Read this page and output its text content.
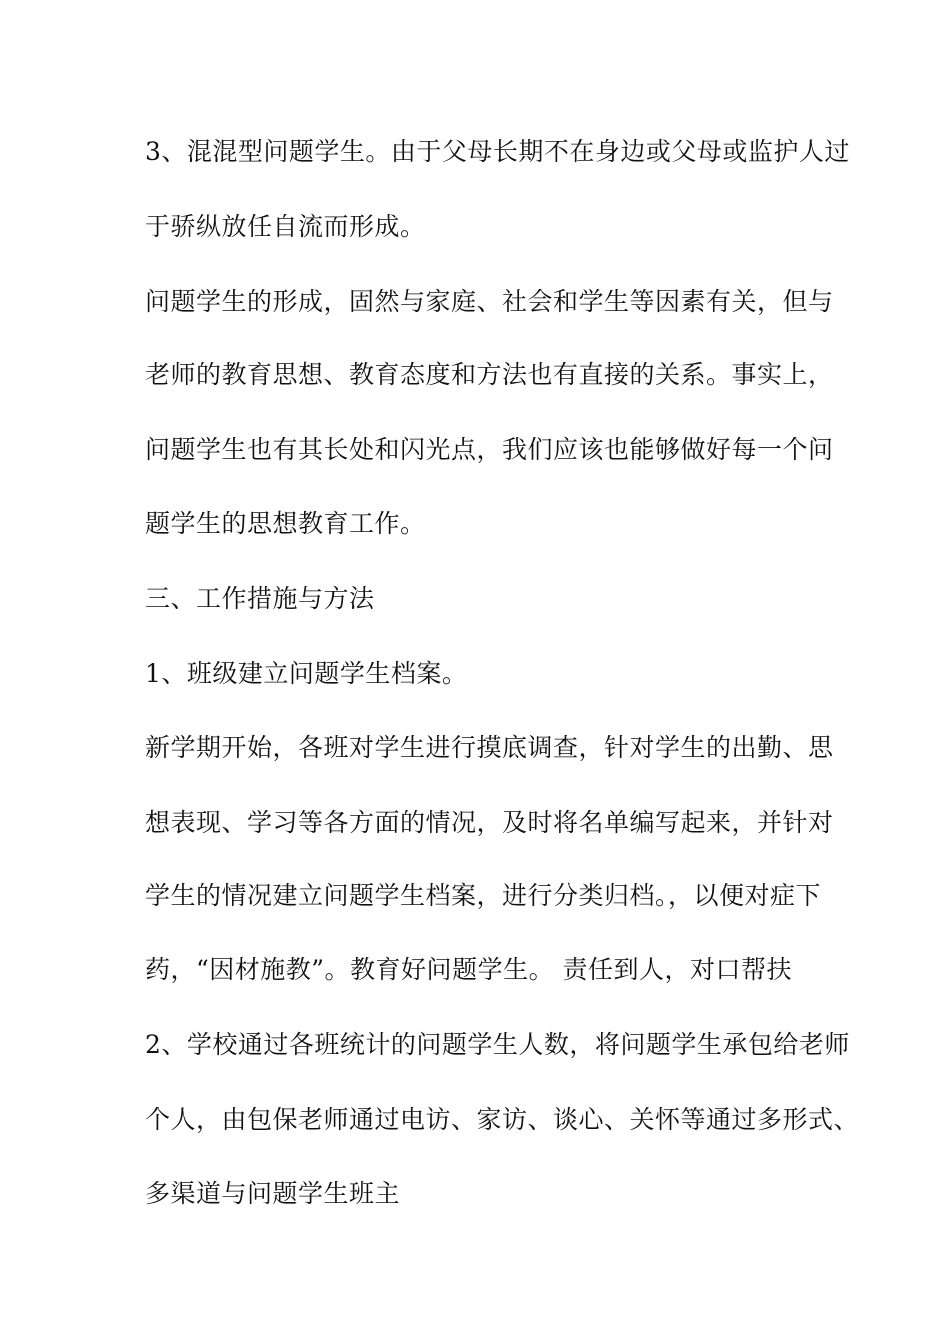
3、混混型问题学生。由于父母长期不在身边或父母或监护人过
于骄纵放任自流而形成。
问题学生的形成，固然与家庭、社会和学生等因素有关，但与
老师的教育思想、教育态度和方法也有直接的关系。事实上，
问题学生也有其长处和闪光点，我们应该也能够做好每一个问
题学生的思想教育工作。
三、工作措施与方法
1、班级建立问题学生档案。
新学期开始，各班对学生进行摸底调查，针对学生的出勤、思
想表现、学习等各方面的情况，及时将名单编写起来，并针对
学生的情况建立问题学生档案，进行分类归档。，以便对症下
药，“因材施教”。教育好问题学生。 责任到人，对口帮扶
2、学校通过各班统计的问题学生人数，将问题学生承包给老师
个人，由包保老师通过电访、家访、谈心、关怀等通过多形式、
多渠道与问题学生班主
